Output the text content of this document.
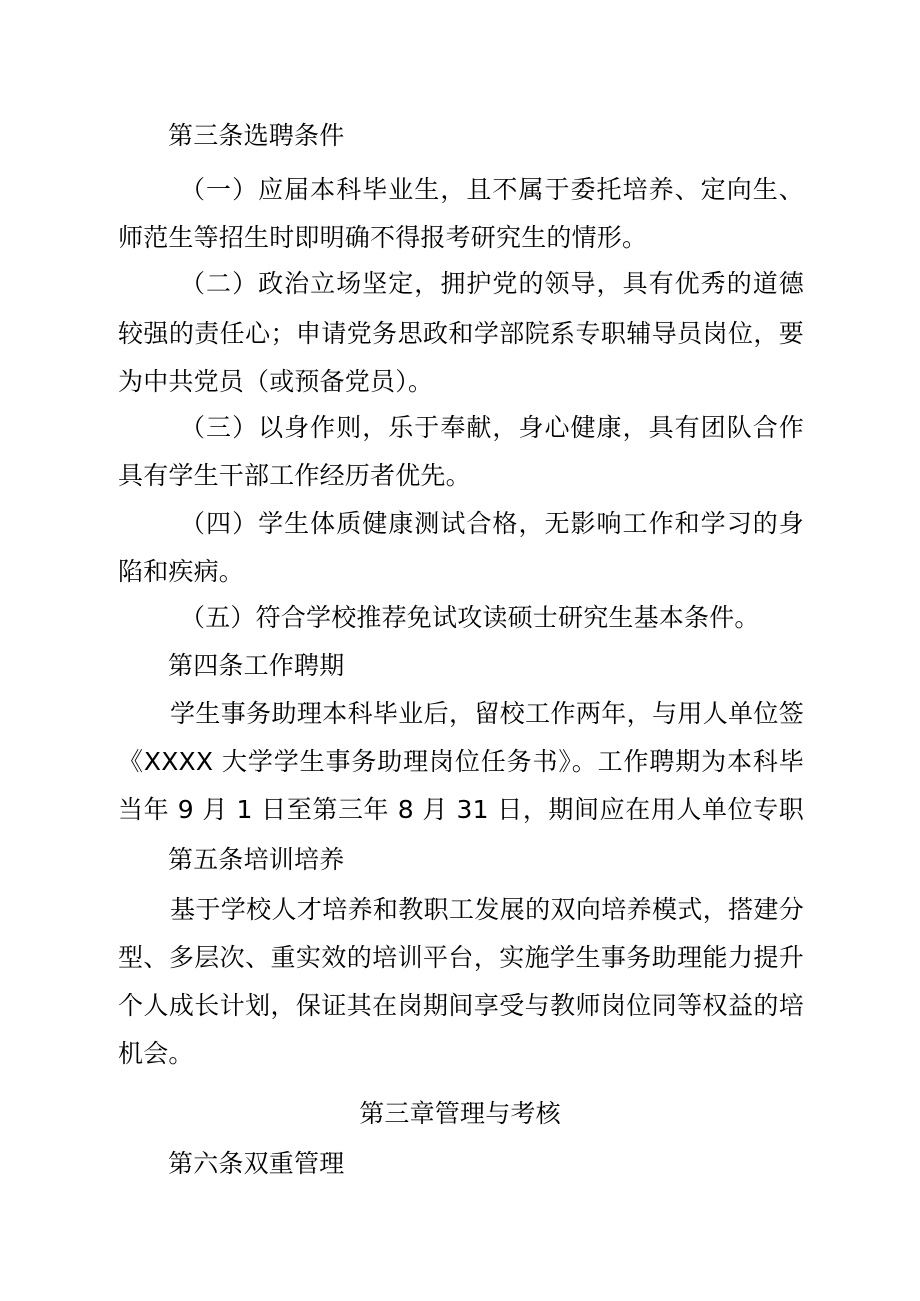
第三条选聘条件
（一）应届本科毕业生，且不属于委托培养、定向生、
师范生等招生时即明确不得报考研究生的情形。
（二）政治立场坚定，拥护党的领导，具有优秀的道德
较强的责任心；申请党务思政和学部院系专职辅导员岗位，要
为中共党员（或预备党员）。
（三）以身作则，乐于奉献，身心健康，具有团队合作
具有学生干部工作经历者优先。
（四）学生体质健康测试合格，无影响工作和学习的身
陷和疾病。
（五）符合学校推荐免试攻读硕士研究生基本条件。
第四条工作聘期
学生事务助理本科毕业后，留校工作两年，与用人单位签
《XXXX 大学学生事务助理岗位任务书》。工作聘期为本科毕
当年 9 月 1 日至第三年 8 月 31 日，期间应在用人单位专职
第五条培训培养
基于学校人才培养和教职工发展的双向培养模式，搭建分
型、多层次、重实效的培训平台，实施学生事务助理能力提升
个人成长计划，保证其在岗期间享受与教师岗位同等权益的培
机会。
第三章管理与考核
第六条双重管理
